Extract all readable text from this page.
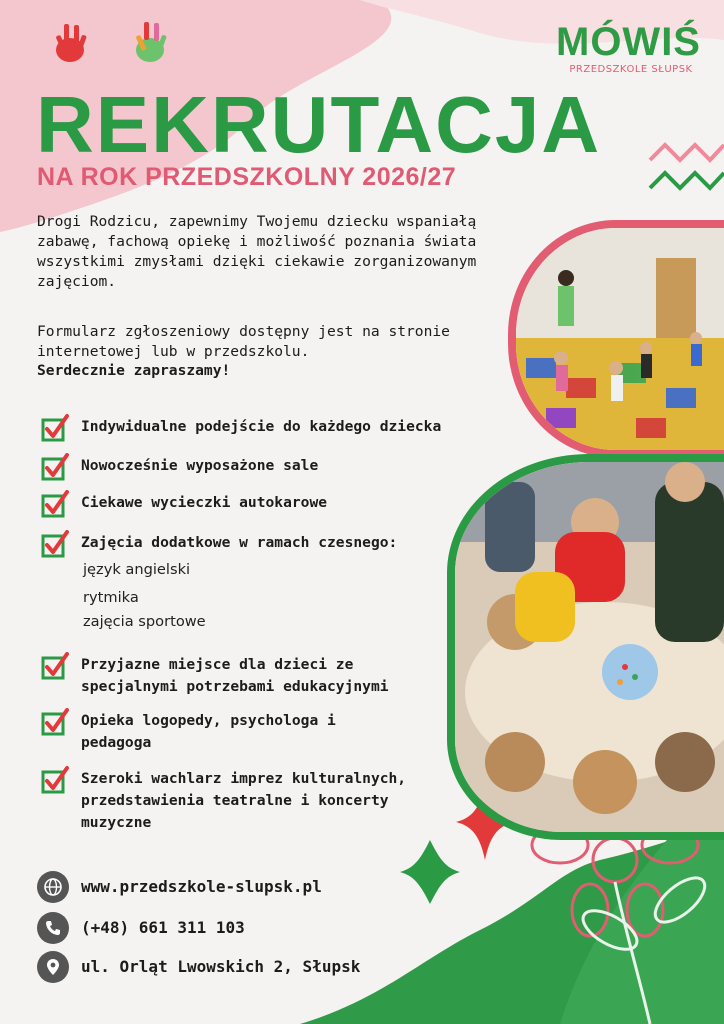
MÓWIŚ
PRZEDSZKOLE SŁUPSK
REKRUTACJA
NA ROK PRZEDSZKOLNY 2026/27
Drogi Rodzicu, zapewnimy Twojemu dziecku wspaniałą zabawę, fachową opiekę i możliwość poznania świata wszystkimi zmysłami dzięki ciekawie zorganizowanym zajęciom.
Formularz zgłoszeniowy dostępny jest na stronie internetowej lub w przedszkolu.
Serdecznie zapraszamy!
Indywidualne podejście do każdego dziecka
Nowocześnie wyposażone sale
Ciekawe wycieczki autokarowe
Zajęcia dodatkowe w ramach czesnego:
język angielski
rytmika
zajęcia sportowe
Przyjazne miejsce dla dzieci ze specjalnymi potrzebami edukacyjnymi
Opieka logopedy, psychologa i pedagoga
Szeroki wachlarz imprez kulturalnych, przedstawienia teatralne i koncerty muzyczne
www.przedszkole-slupsk.pl
(+48) 661 311 103
ul. Orląt Lwowskich 2, Słupsk
